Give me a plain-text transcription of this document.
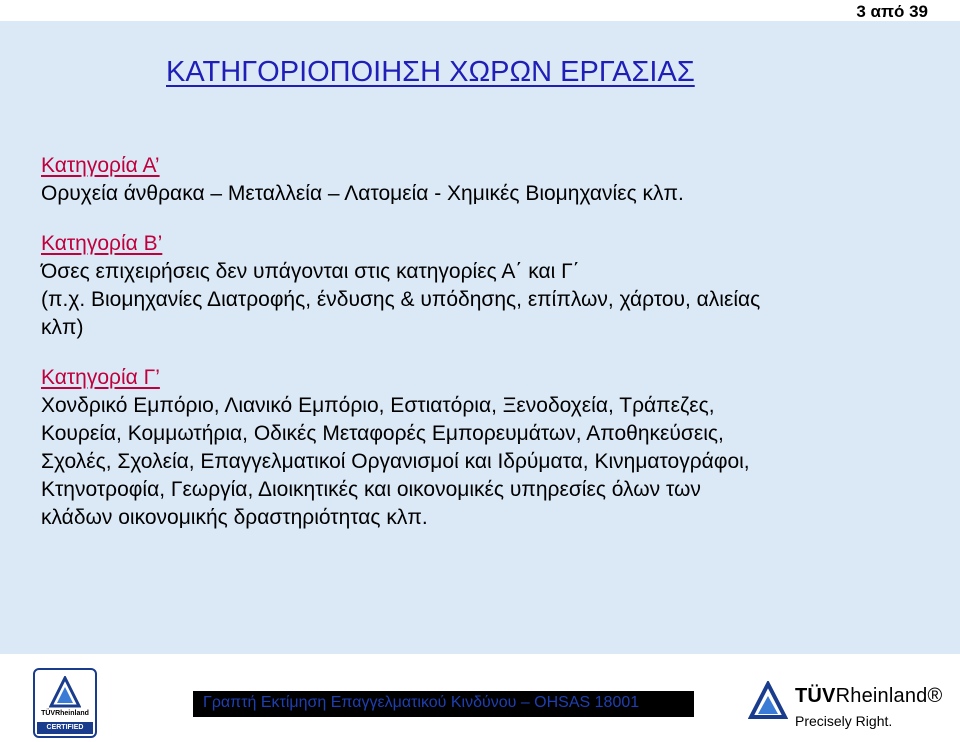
3 από 39
ΚΑΤΗΓΟΡΙΟΠΟΙΗΣΗ ΧΩΡΩΝ ΕΡΓΑΣΙΑΣ
Κατηγορία Α’
Ορυχεία άνθρακα – Μεταλλεία – Λατομεία - Χημικές Βιομηχανίες κλπ.
Κατηγορία Β’
Όσες επιχειρήσεις δεν υπάγονται στις κατηγορίες Α΄ και Γ΄
(π.χ. Βιομηχανίες Διατροφής, ένδυσης & υπόδησης, επίπλων, χάρτου, αλιείας
κλπ)
Κατηγορία Γ’
Χονδρικό Εμπόριο, Λιανικό Εμπόριο, Εστιατόρια, Ξενοδοχεία, Τράπεζες,
Κουρεία, Κομμωτήρια, Οδικές Μεταφορές Εμπορευμάτων, Αποθηκεύσεις,
Σχολές, Σχολεία, Επαγγελματικοί Οργανισμοί και Ιδρύματα, Κινηματογράφοι,
Κτηνοτροφία, Γεωργία, Διοικητικές και οικονομικές υπηρεσίες όλων των
κλάδων οικονομικής δραστηριότητας κλπ.
TÜVRheinland
CERTIFIED
Γραπτή Εκτίμηση Επαγγελματικού Κινδύνου – OHSAS 18001	TÜVRheinland®
Precisely Right.
